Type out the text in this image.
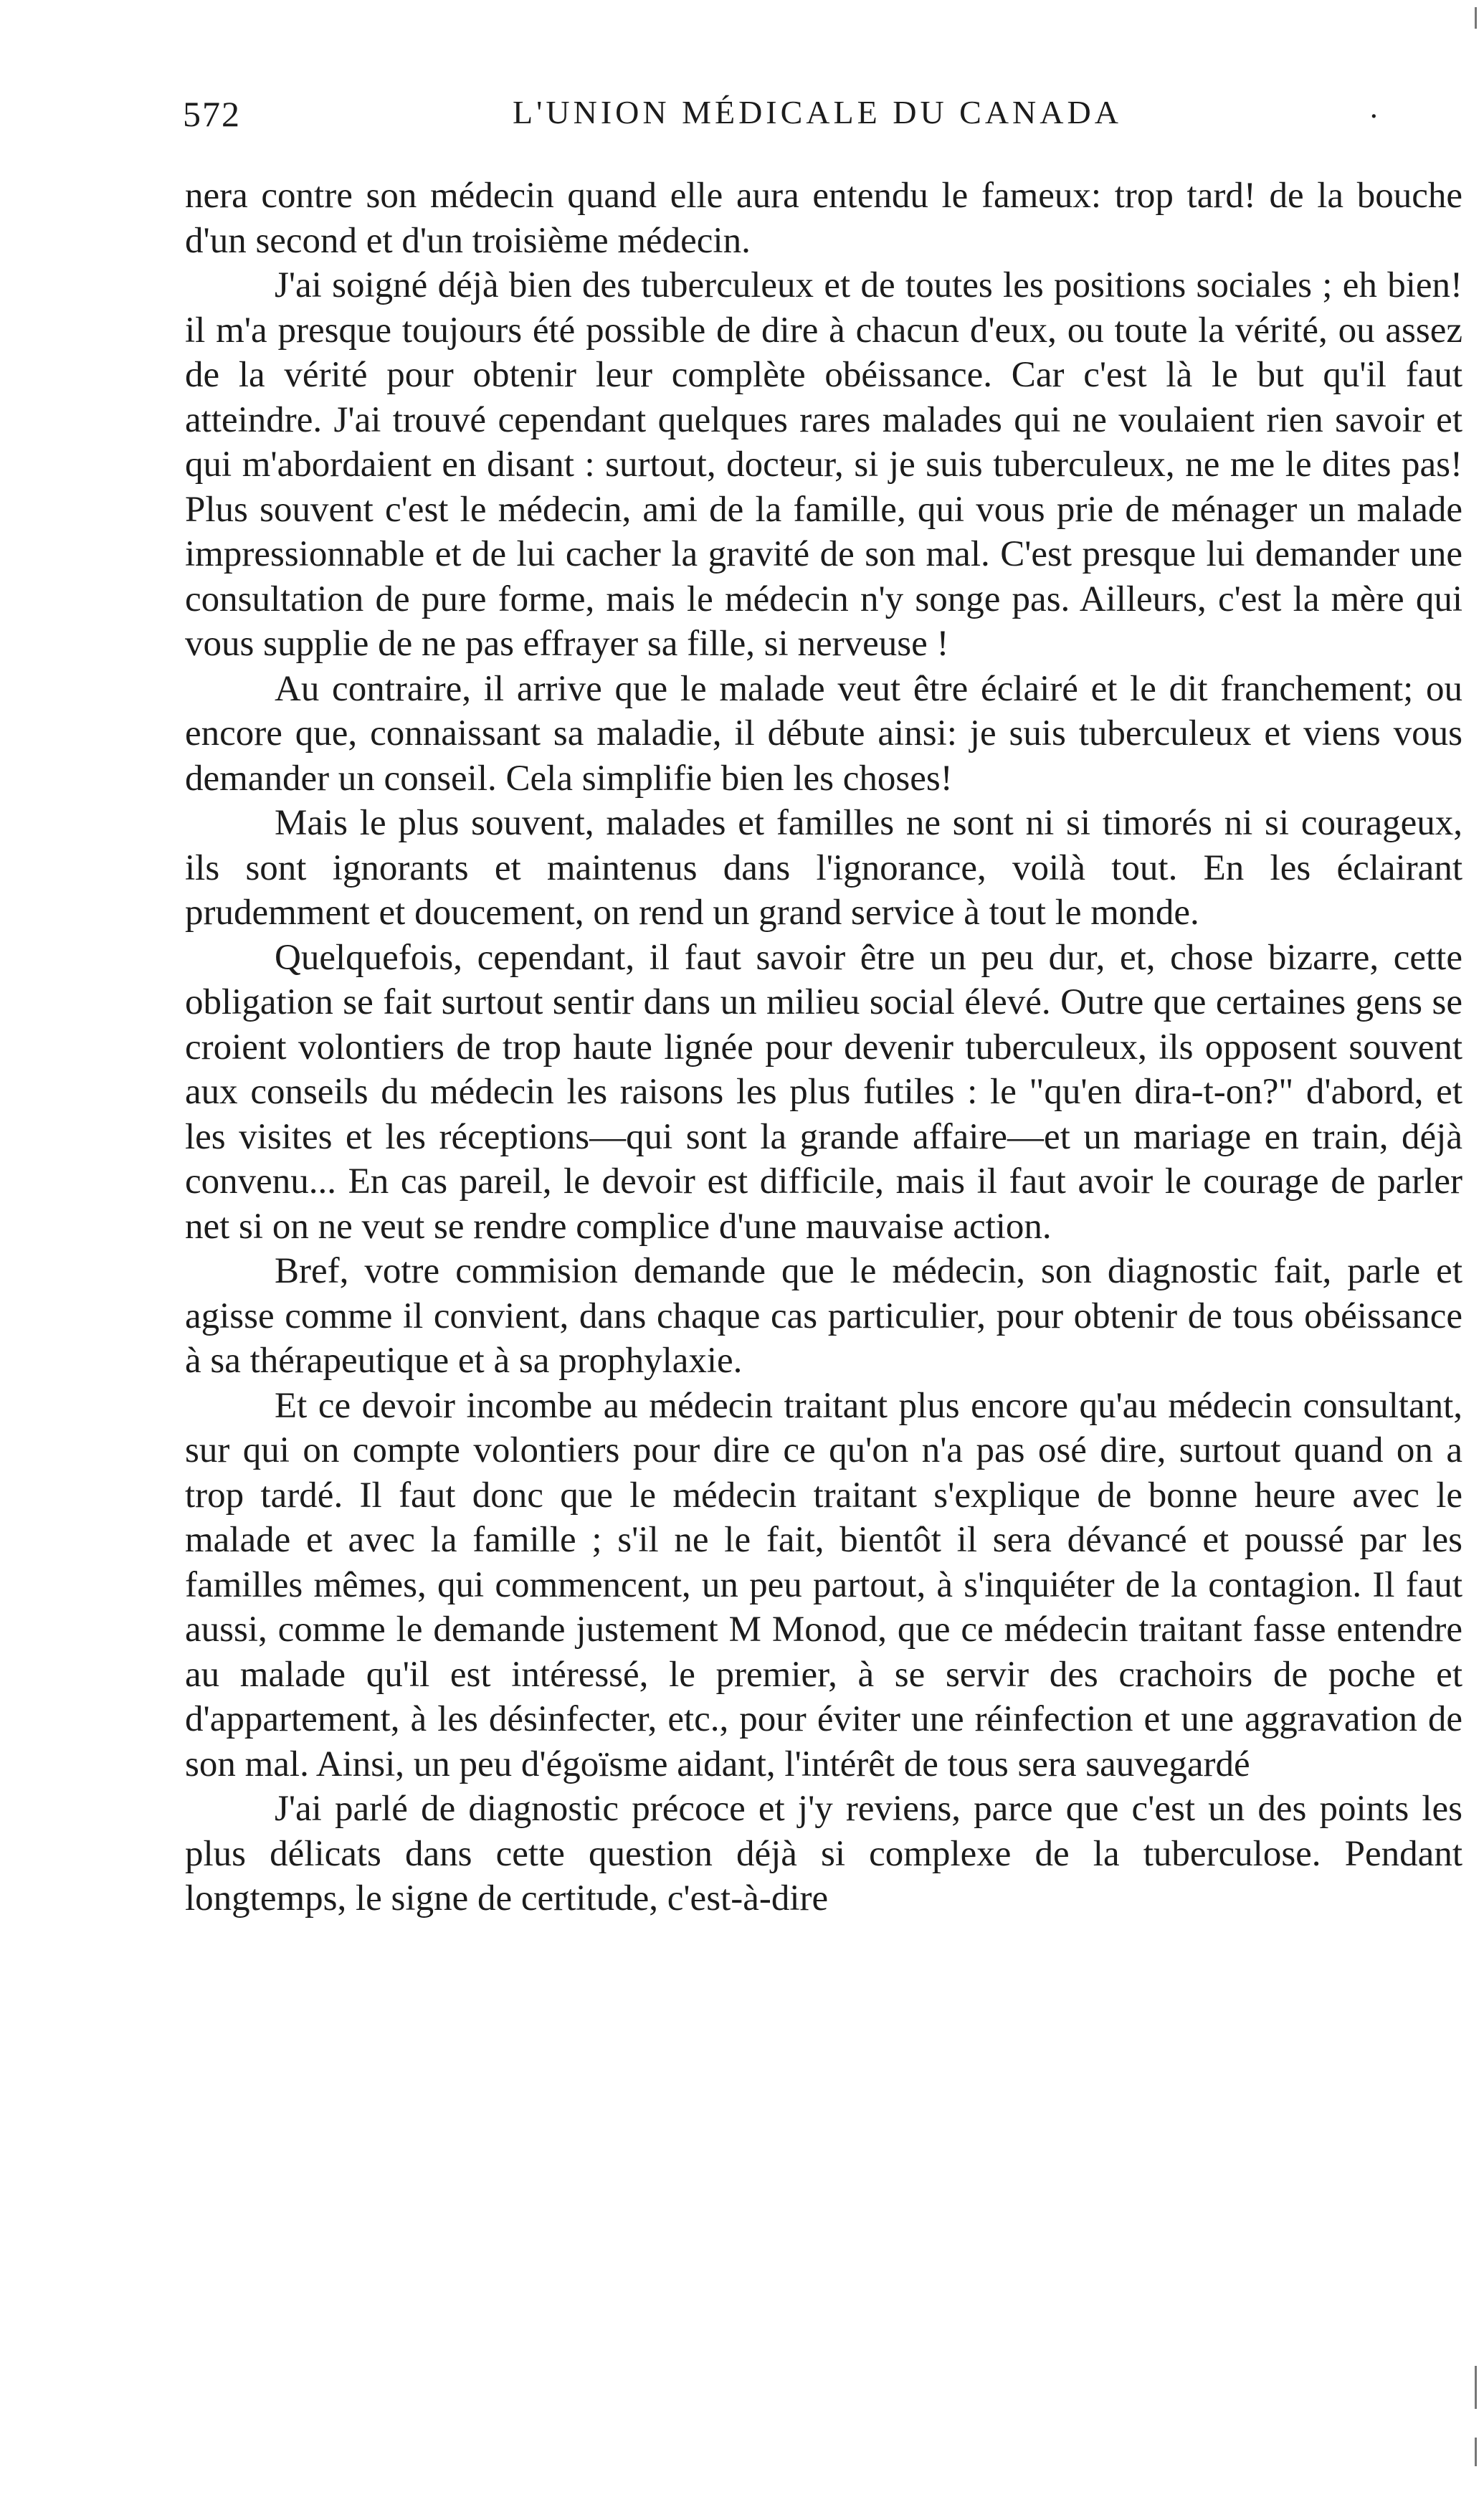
572	L'UNION MÉDICALE DU CANADA	·

nera contre son médecin quand elle aura entendu le fameux: trop tard! de la bouche d'un second et d'un troisième médecin.

J'ai soigné déjà bien des tuberculeux et de toutes les positions sociales ; eh bien! il m'a presque toujours été possible de dire à chacun d'eux, ou toute la vérité, ou assez de la vérité pour obtenir leur complète obéissance. Car c'est là le but qu'il faut atteindre. J'ai trouvé cependant quelques rares malades qui ne voulaient rien savoir et qui m'abordaient en disant : surtout, docteur, si je suis tuberculeux, ne me le dites pas! Plus souvent c'est le médecin, ami de la famille, qui vous prie de ménager un malade impressionnable et de lui cacher la gravité de son mal. C'est presque lui demander une consultation de pure forme, mais le médecin n'y songe pas. Ailleurs, c'est la mère qui vous supplie de ne pas effrayer sa fille, si nerveuse !

Au contraire, il arrive que le malade veut être éclairé et le dit franchement; ou encore que, connaissant sa maladie, il débute ainsi: je suis tuberculeux et viens vous demander un conseil. Cela simplifie bien les choses!

Mais le plus souvent, malades et familles ne sont ni si timorés ni si courageux, ils sont ignorants et maintenus dans l'ignorance, voilà tout. En les éclairant prudemment et doucement, on rend un grand service à tout le monde.

Quelquefois, cependant, il faut savoir être un peu dur, et, chose bizarre, cette obligation se fait surtout sentir dans un milieu social élevé. Outre que certaines gens se croient volontiers de trop haute lignée pour devenir tuberculeux, ils opposent souvent aux conseils du médecin les raisons les plus futiles : le "qu'en dira-t-on?" d'abord, et les visites et les réceptions—qui sont la grande affaire—et un mariage en train, déjà convenu... En cas pareil, le devoir est difficile, mais il faut avoir le courage de parler net si on ne veut se rendre complice d'une mauvaise action.

Bref, votre commision demande que le médecin, son diagnostic fait, parle et agisse comme il convient, dans chaque cas particulier, pour obtenir de tous obéissance à sa thérapeutique et à sa prophylaxie.

Et ce devoir incombe au médecin traitant plus encore qu'au médecin consultant, sur qui on compte volontiers pour dire ce qu'on n'a pas osé dire, surtout quand on a trop tardé. Il faut donc que le médecin traitant s'explique de bonne heure avec le malade et avec la famille ; s'il ne le fait, bientôt il sera dévancé et poussé par les familles mêmes, qui commencent, un peu partout, à s'inquiéter de la contagion. Il faut aussi, comme le demande justement M Monod, que ce médecin traitant fasse entendre au malade qu'il est intéressé, le premier, à se servir des crachoirs de poche et d'appartement, à les désinfecter, etc., pour éviter une réinfection et une aggravation de son mal. Ainsi, un peu d'égoïsme aidant, l'intérêt de tous sera sauvegardé

J'ai parlé de diagnostic précoce et j'y reviens, parce que c'est un des points les plus délicats dans cette question déjà si complexe de la tuberculose. Pendant longtemps, le signe de certitude, c'est-à-dire
